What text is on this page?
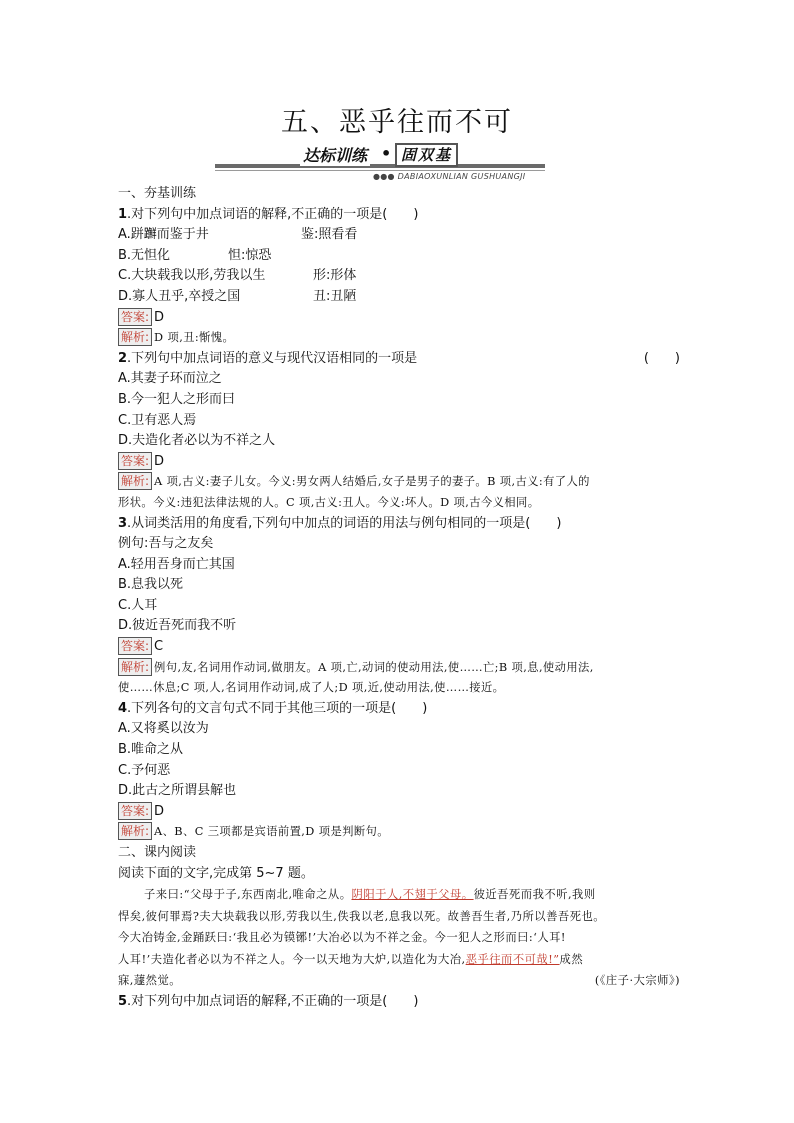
五、恶乎往而不可
达标训练 • 固双基
●●● DABIAOXUNLIAN GUSHUANGJI
一、夯基训练
1.对下列句中加点词语的解释,不正确的一项是(　　)
A.跰𨇤而鉴于井	鉴:照看看
B.无怛化	怛:惊恐
C.大块载我以形,劳我以生	形:形体
D.寡人丑乎,卒授之国	丑:丑陋
答案: D
解析: D 项,丑:惭愧。
2.下列句中加点词语的意义与现代汉语相同的一项是	(　　)
A.其妻子环而泣之
B.今一犯人之形而曰
C.卫有恶人焉
D.夫造化者必以为不祥之人
答案: D
解析: A 项,古义:妻子儿女。今义:男女两人结婚后,女子是男子的妻子。B 项,古义:有了人的
形状。今义:违犯法律法规的人。C 项,古义:丑人。今义:坏人。D 项,古今义相同。
3.从词类活用的角度看,下列句中加点的词语的用法与例句相同的一项是(　　)
例句:吾与之友矣
A.轻用吾身而亡其国
B.息我以死
C.人耳
D.彼近吾死而我不听
答案: C
解析: 例句,友,名词用作动词,做朋友。A 项,亡,动词的使动用法,使……亡;B 项,息,使动用法,
使……休息;C 项,人,名词用作动词,成了人;D 项,近,使动用法,使……接近。
4.下列各句的文言句式不同于其他三项的一项是(　　)
A.又将奚以汝为
B.唯命之从
C.予何恶
D.此古之所谓县解也
答案: D
解析: A、B、C 三项都是宾语前置,D 项是判断句。
二、课内阅读
阅读下面的文字,完成第 5~7 题。
子来曰:“父母于子,东西南北,唯命之从。阴阳于人,不翅于父母。彼近吾死而我不听,我则
悍矣,彼何罪焉?夫大块载我以形,劳我以生,佚我以老,息我以死。故善吾生者,乃所以善吾死也。
今大冶铸金,金踊跃曰:‘我且必为镆铘!’大冶必以为不祥之金。今一犯人之形而曰:‘人耳!
人耳!’夫造化者必以为不祥之人。今一以天地为大炉,以造化为大冶,恶乎往而不可哉!”成然
寐,蘧然觉。	(《庄子·大宗师》)
5.对下列句中加点词语的解释,不正确的一项是(　　)
